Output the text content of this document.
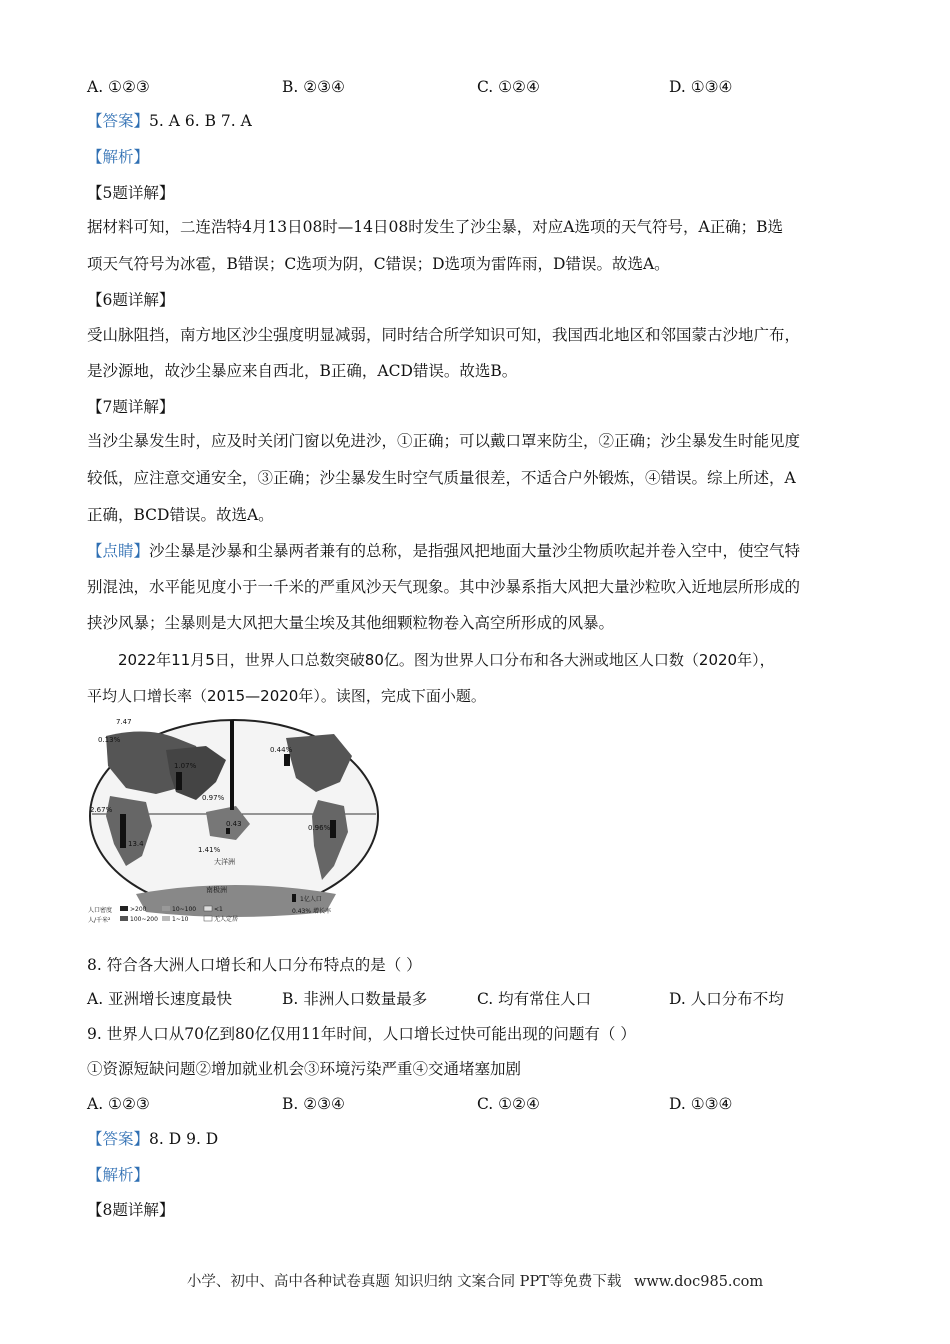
A. ①②③	B. ②③④	C. ①②④	D. ①③④
【答案】5. A 6. B 7. A
【解析】
【5题详解】
据材料可知，二连浩特4月13日08时—14日08时发生了沙尘暴，对应A选项的天气符号，A正确；B选
项天气符号为冰雹，B错误；C选项为阴，C错误；D选项为雷阵雨，D错误。故选A。
【6题详解】
受山脉阻挡，南方地区沙尘强度明显减弱，同时结合所学知识可知，我国西北地区和邻国蒙古沙地广布，
是沙源地，故沙尘暴应来自西北，B正确，ACD错误。故选B。
【7题详解】
当沙尘暴发生时，应及时关闭门窗以免进沙，①正确；可以戴口罩来防尘，②正确；沙尘暴发生时能见度
较低，应注意交通安全，③正确；沙尘暴发生时空气质量很差，不适合户外锻炼，④错误。综上所述，A
正确，BCD错误。故选A。
【点睛】沙尘暴是沙暴和尘暴两者兼有的总称，是指强风把地面大量沙尘物质吹起并卷入空中，使空气特
别混浊，水平能见度小于一千米的严重风沙天气现象。其中沙暴系指大风把大量沙粒吹入近地层所形成的
挟沙风暴；尘暴则是大风把大量尘埃及其他细颗粒物卷入高空所形成的风暴。
2022年11月5日，世界人口总数突破80亿。图为世界人口分布和各大洲或地区人口数（2020年），
平均人口增长率（2015—2020年）。读图，完成下面小题。
7.47
0.13%
1.07%
2.67%
13.4
0.97%
0.44%
0.96%
1.41%
0.43
大洋洲
南极洲
人口密度
人/千米²
>200
100~200
10~100
1~10
<1
无人定居
1亿人口
0.43% 增长率
8. 符合各大洲人口增长和人口分布特点的是（ ）
A. 亚洲增长速度最快	B. 非洲人口数量最多	C. 均有常住人口	D. 人口分布不均
9. 世界人口从70亿到80亿仅用11年时间，人口增长过快可能出现的问题有（ ）
①资源短缺问题②增加就业机会③环境污染严重④交通堵塞加剧
A. ①②③	B. ②③④	C. ①②④	D. ①③④
【答案】8. D 9. D
【解析】
【8题详解】
小学、初中、高中各种试卷真题 知识归纳 文案合同 PPT等免费下载 www.doc985.com
